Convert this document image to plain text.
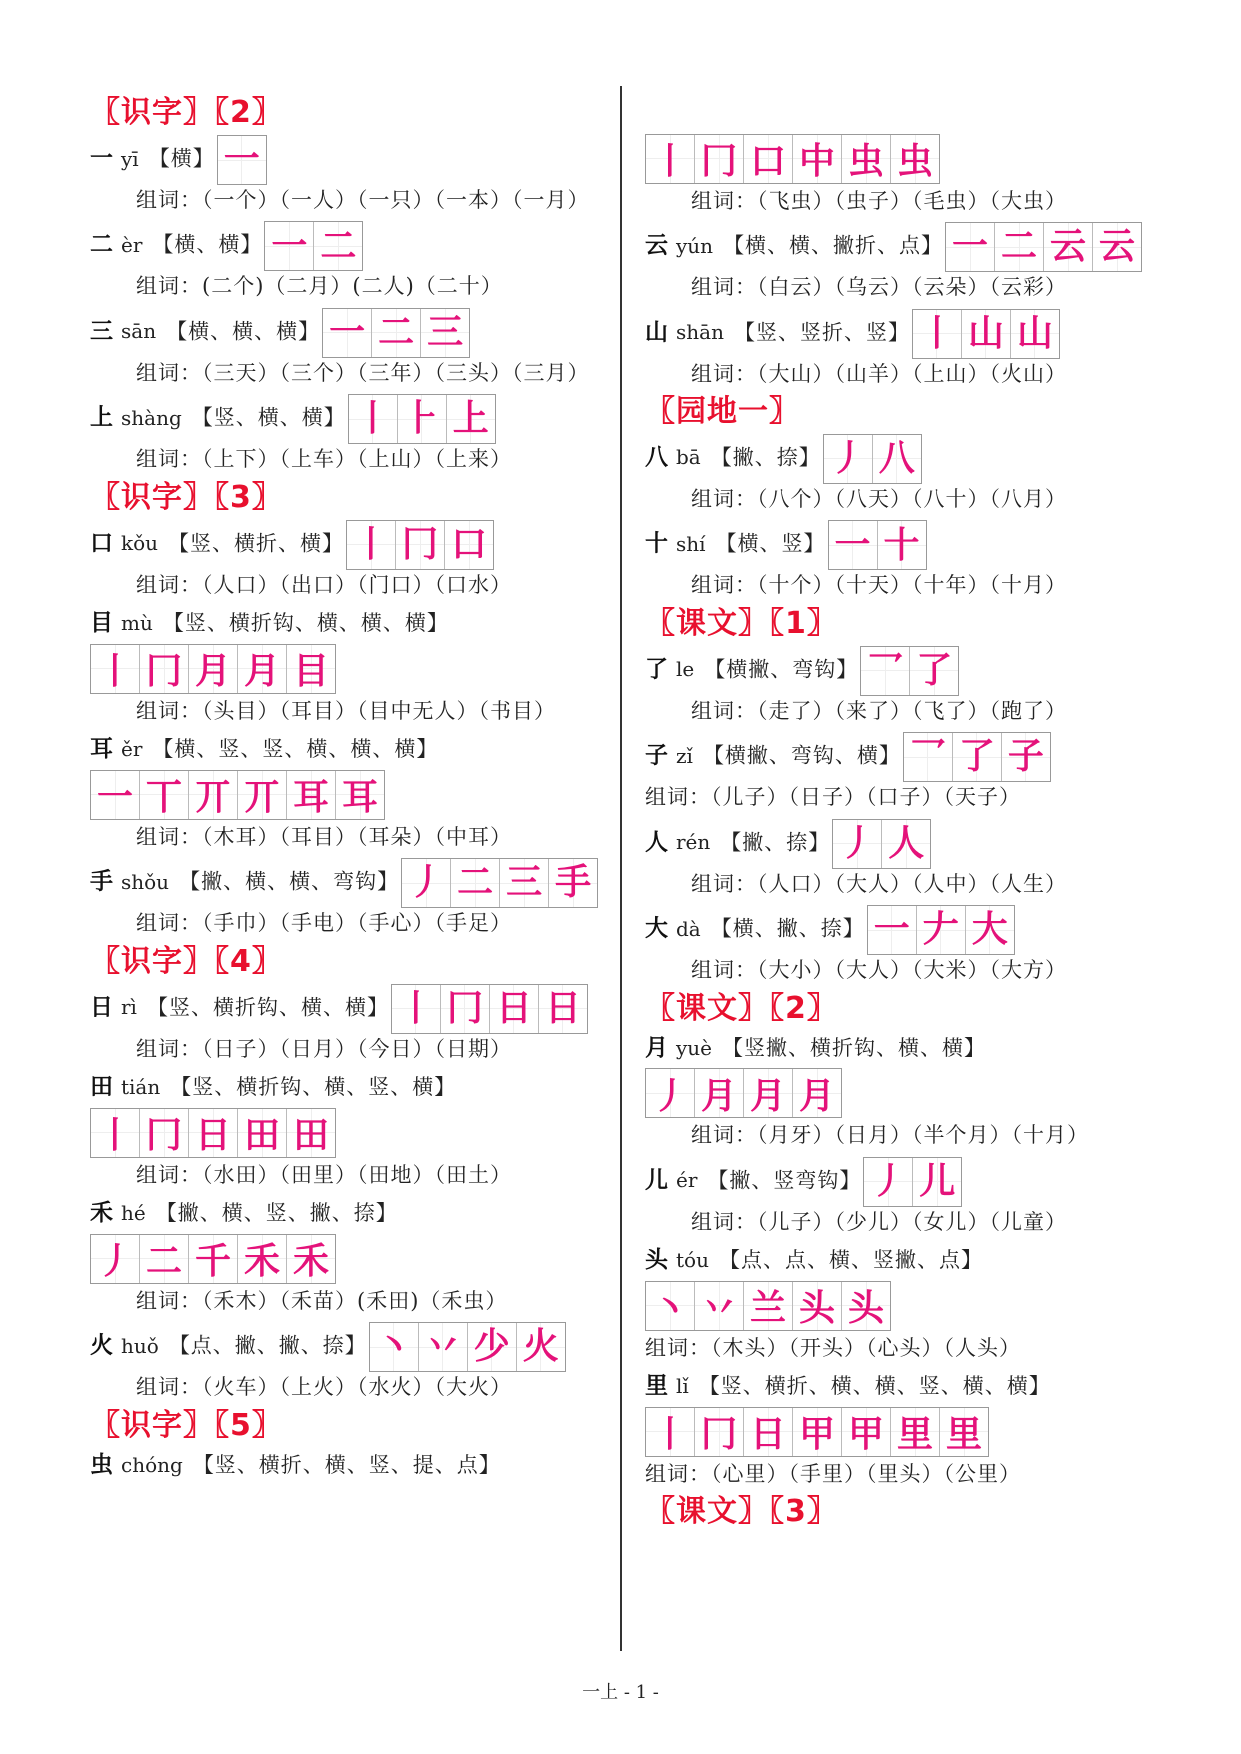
〖识字〗〖2〗
一 yī 【横】 一
组词：（一个）（一人）（一只）（一本）（一月）
二 èr 【横、横】 一 二
组词：(二个)（二月）(二人)（二十）
三 sān 【横、横、横】 一 二 三
组词：（三天）（三个）（三年）（三头）（三月）
上 shàng 【竖、横、横】 丨 ⺊ 上
组词：（上下）（上车）（上山）（上来）
〖识字〗〖3〗
口 kǒu 【竖、横折、横】 丨 冂 口
组词：（人口）（出口）（门口）（口水）
目 mù 【竖、横折钩、横、横、横】
丨 冂 月 月 目
组词：（头目）（耳目）（目中无人）（书目）
耳 ěr 【横、竖、竖、横、横、横】
一 丅 丌 丌 耳 耳
组词：（木耳）（耳目）（耳朵）（中耳）
手 shǒu 【撇、横、横、弯钩】 丿 二 三 手
组词：（手巾）（手电）（手心）（手足）
〖识字〗〖4〗
日 rì 【竖、横折钩、横、横】 丨 冂 日 日
组词：（日子）（日月）（今日）（日期）
田 tián 【竖、横折钩、横、竖、横】
丨 冂 日 田 田
组词：（水田）（田里）（田地）（田土）
禾 hé 【撇、横、竖、撇、捺】
丿 二 千 禾 禾
组词：（禾木）（禾苗）(禾田)（禾虫）
火 huǒ 【点、撇、撇、捺】 丶 丷 少 火
组词：（火车）（上火）（水火）（大火）
〖识字〗〖5〗
虫 chóng 【竖、横折、横、竖、提、点】
丨 冂 口 中 虫 虫
组词：（飞虫）（虫子）（毛虫）（大虫）
云 yún 【横、横、撇折、点】 一 二 云 云
组词：（白云）（乌云）（云朵）（云彩）
山 shān 【竖、竖折、竖】 丨 山 山
组词：（大山）（山羊）（上山）（火山）
〖园地一〗
八 bā 【撇、捺】 丿 八
组词：（八个）（八天）（八十）（八月）
十 shí 【横、竖】 一 十
组词：（十个）（十天）（十年）（十月）
〖课文〗〖1〗
了 le 【横撇、弯钩】 乛 了
组词：（走了）（来了）（飞了）（跑了）
子 zǐ 【横撇、弯钩、横】 乛 了 子
组词：（儿子）（日子）（口子）（天子）
人 rén 【撇、捺】 丿 人
组词：（人口）（大人）（人中）（人生）
大 dà 【横、撇、捺】 一 𠂇 大
组词：（大小）（大人）（大米）（大方）
〖课文〗〖2〗
月 yuè 【竖撇、横折钩、横、横】
丿 月 月 月
组词：（月牙）（日月）（半个月）（十月）
儿 ér 【撇、竖弯钩】 丿 儿
组词：（儿子）（少儿）（女儿）（儿童）
头 tóu 【点、点、横、竖撇、点】
丶 丷 兰 头 头
组词：（木头）（开头）（心头）（人头）
里 lǐ 【竖、横折、横、横、竖、横、横】
丨 冂 日 甲 甲 里 里
组词：（心里）（手里）（里头）（公里）
〖课文〗〖3〗
一上 - 1 -
